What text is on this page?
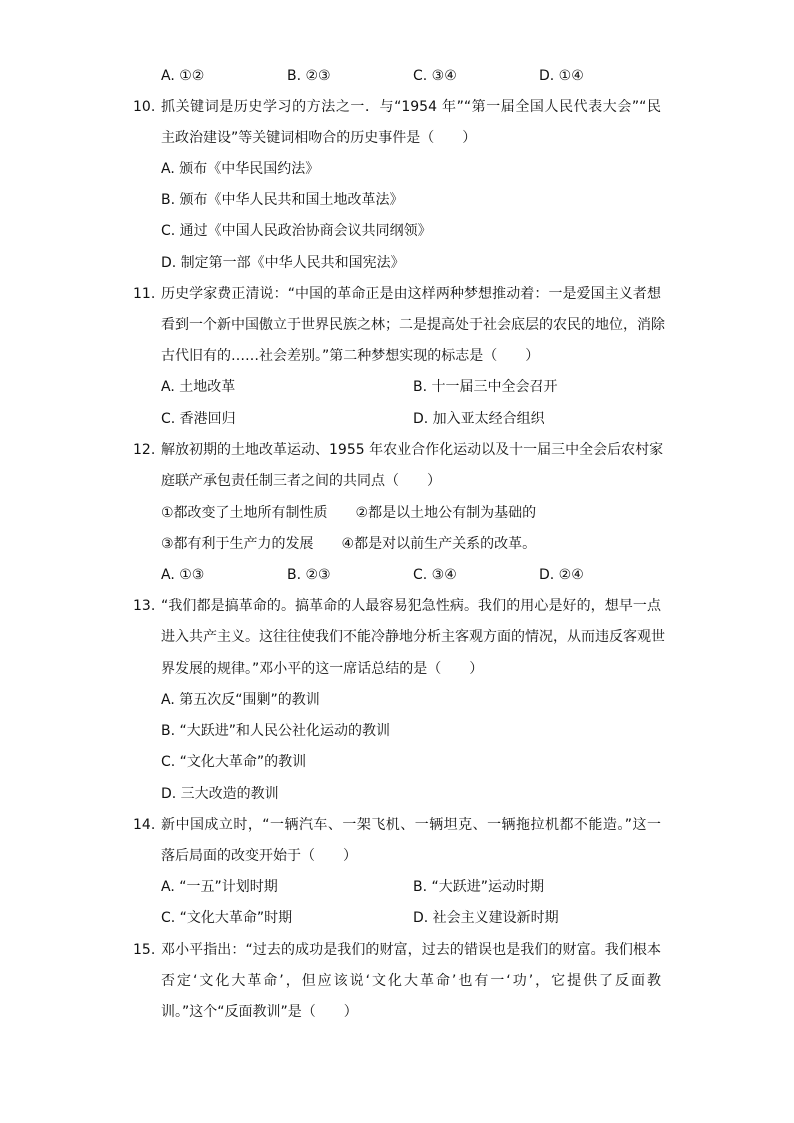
A. ①②	B. ②③	C. ③④	D. ①④
10. 抓关键词是历史学习的方法之一．与“1954 年”“第一届全国人民代表大会”“民
主政治建设”等关键词相吻合的历史事件是（　　）
A. 颁布《中华民国约法》
B. 颁布《中华人民共和国土地改革法》
C. 通过《中国人民政治协商会议共同纲领》
D. 制定第一部《中华人民共和国宪法》
11. 历史学家费正清说：“中国的革命正是由这样两种梦想推动着：一是爱国主义者想
看到一个新中国傲立于世界民族之林；二是提高处于社会底层的农民的地位，消除
古代旧有的……社会差别。”第二种梦想实现的标志是（　　）
A. 土地改革	B. 十一届三中全会召开
C. 香港回归	D. 加入亚太经合组织
12. 解放初期的土地改革运动、1955 年农业合作化运动以及十一届三中全会后农村家
庭联产承包责任制三者之间的共同点（　　）
①都改变了土地所有制性质　　②都是以土地公有制为基础的
③都有利于生产力的发展　　④都是对以前生产关系的改革。
A. ①③	B. ②③	C. ③④	D. ②④
13. “我们都是搞革命的。搞革命的人最容易犯急性病。我们的用心是好的，想早一点
进入共产主义。这往往使我们不能冷静地分析主客观方面的情况，从而违反客观世
界发展的规律。”邓小平的这一席话总结的是（　　）
A. 第五次反“围剿”的教训
B. “大跃进”和人民公社化运动的教训
C. “文化大革命”的教训
D. 三大改造的教训
14. 新中国成立时，“一辆汽车、一架飞机、一辆坦克、一辆拖拉机都不能造。”这一
落后局面的改变开始于（　　）
A. “一五”计划时期	B. “大跃进”运动时期
C. “文化大革命”时期	D. 社会主义建设新时期
15. 邓小平指出：“过去的成功是我们的财富，过去的错误也是我们的财富。我们根本
否定‘文化大革命’，但应该说‘文化大革命’也有一‘功’，它提供了反面教
训。”这个“反面教训”是（　　）
